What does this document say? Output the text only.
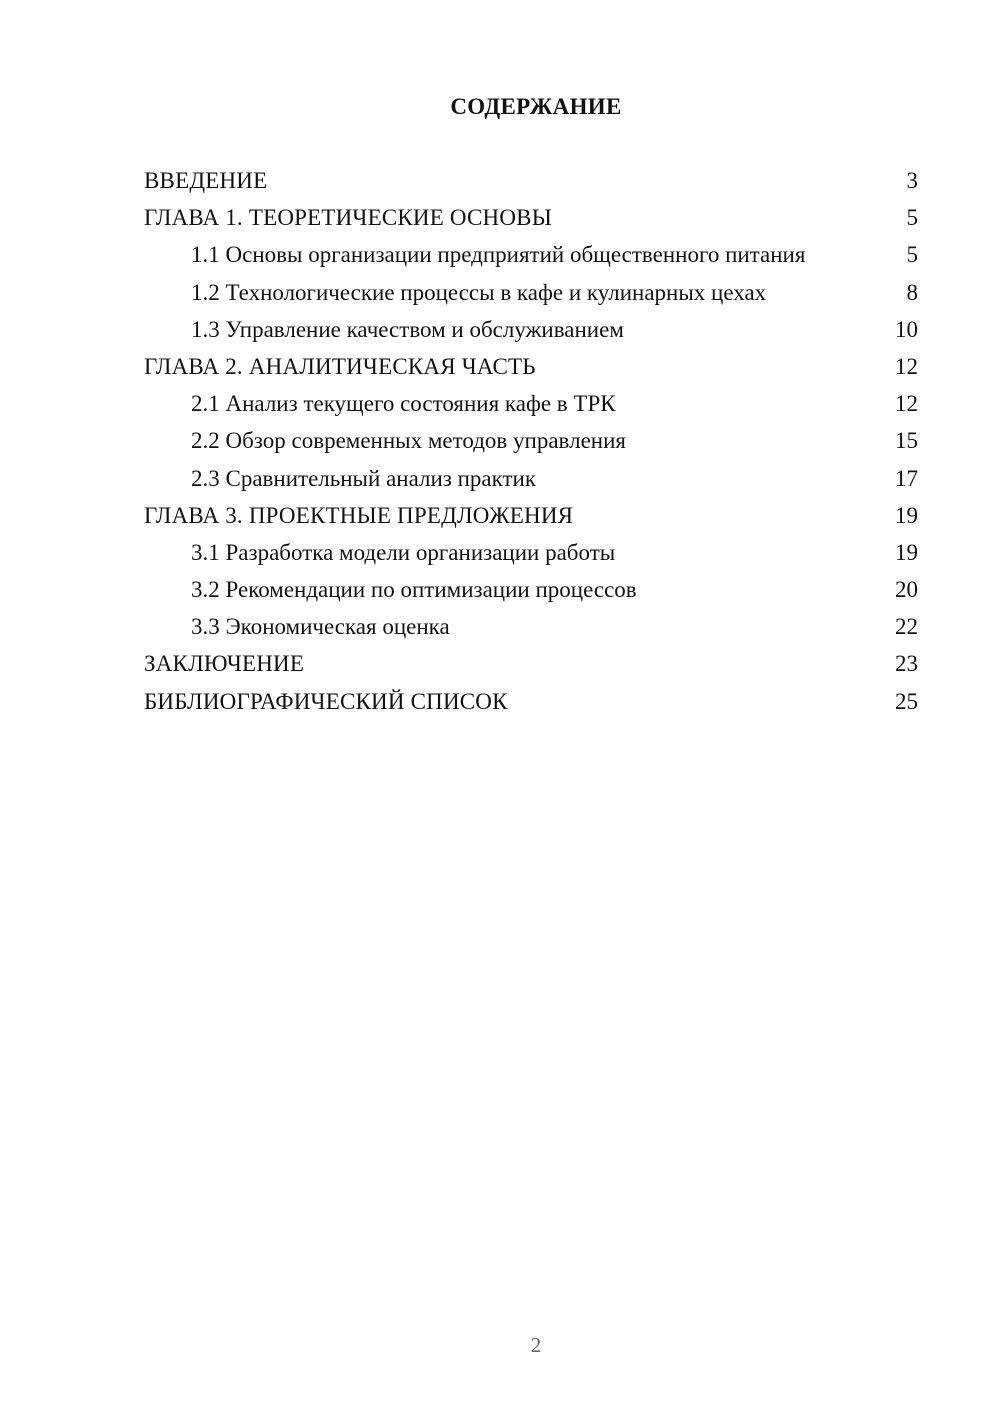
СОДЕРЖАНИЕ
ВВЕДЕНИЕ	3
ГЛАВА 1. ТЕОРЕТИЧЕСКИЕ ОСНОВЫ	5
1.1 Основы организации предприятий общественного питания	5
1.2 Технологические процессы в кафе и кулинарных цехах	8
1.3 Управление качеством и обслуживанием	10
ГЛАВА 2. АНАЛИТИЧЕСКАЯ ЧАСТЬ	12
2.1 Анализ текущего состояния кафе в ТРК	12
2.2 Обзор современных методов управления	15
2.3 Сравнительный анализ практик	17
ГЛАВА 3. ПРОЕКТНЫЕ ПРЕДЛОЖЕНИЯ	19
3.1 Разработка модели организации работы	19
3.2 Рекомендации по оптимизации процессов	20
3.3 Экономическая оценка	22
ЗАКЛЮЧЕНИЕ	23
БИБЛИОГРАФИЧЕСКИЙ СПИСОК	25
2
